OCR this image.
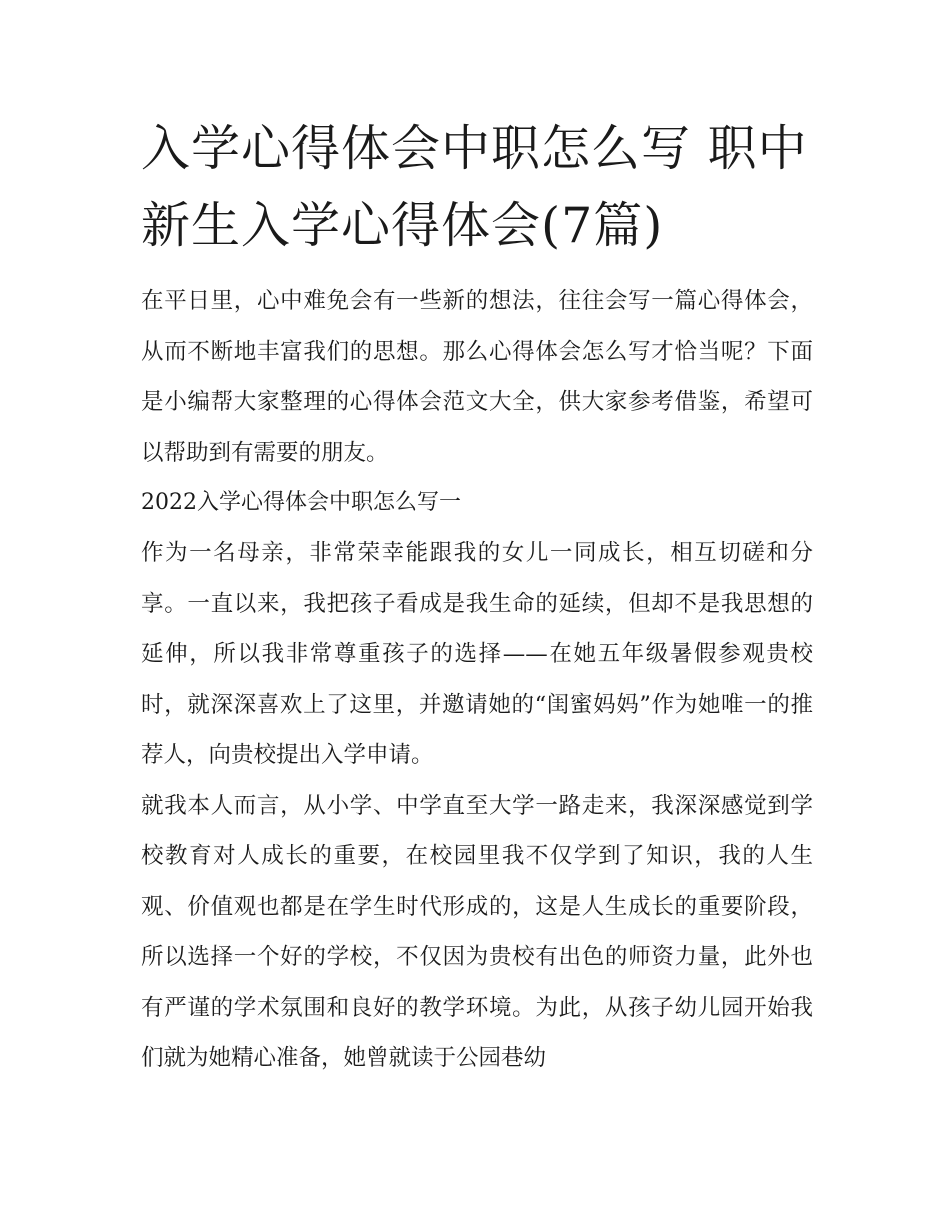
入学心得体会中职怎么写 职中新生入学心得体会(7篇)

在平日里，心中难免会有一些新的想法，往往会写一篇心得体会，从而不断地丰富我们的思想。那么心得体会怎么写才恰当呢？下面是小编帮大家整理的心得体会范文大全，供大家参考借鉴，希望可以帮助到有需要的朋友。

2022入学心得体会中职怎么写一

作为一名母亲，非常荣幸能跟我的女儿一同成长，相互切磋和分享。一直以来，我把孩子看成是我生命的延续，但却不是我思想的延伸，所以我非常尊重孩子的选择——在她五年级暑假参观贵校时，就深深喜欢上了这里，并邀请她的“闺蜜妈妈”作为她唯一的推荐人，向贵校提出入学申请。

就我本人而言，从小学、中学直至大学一路走来，我深深感觉到学校教育对人成长的重要，在校园里我不仅学到了知识，我的人生观、价值观也都是在学生时代形成的，这是人生成长的重要阶段，所以选择一个好的学校，不仅因为贵校有出色的师资力量，此外也有严谨的学术氛围和良好的教学环境。为此，从孩子幼儿园开始我们就为她精心准备，她曾就读于公园巷幼
